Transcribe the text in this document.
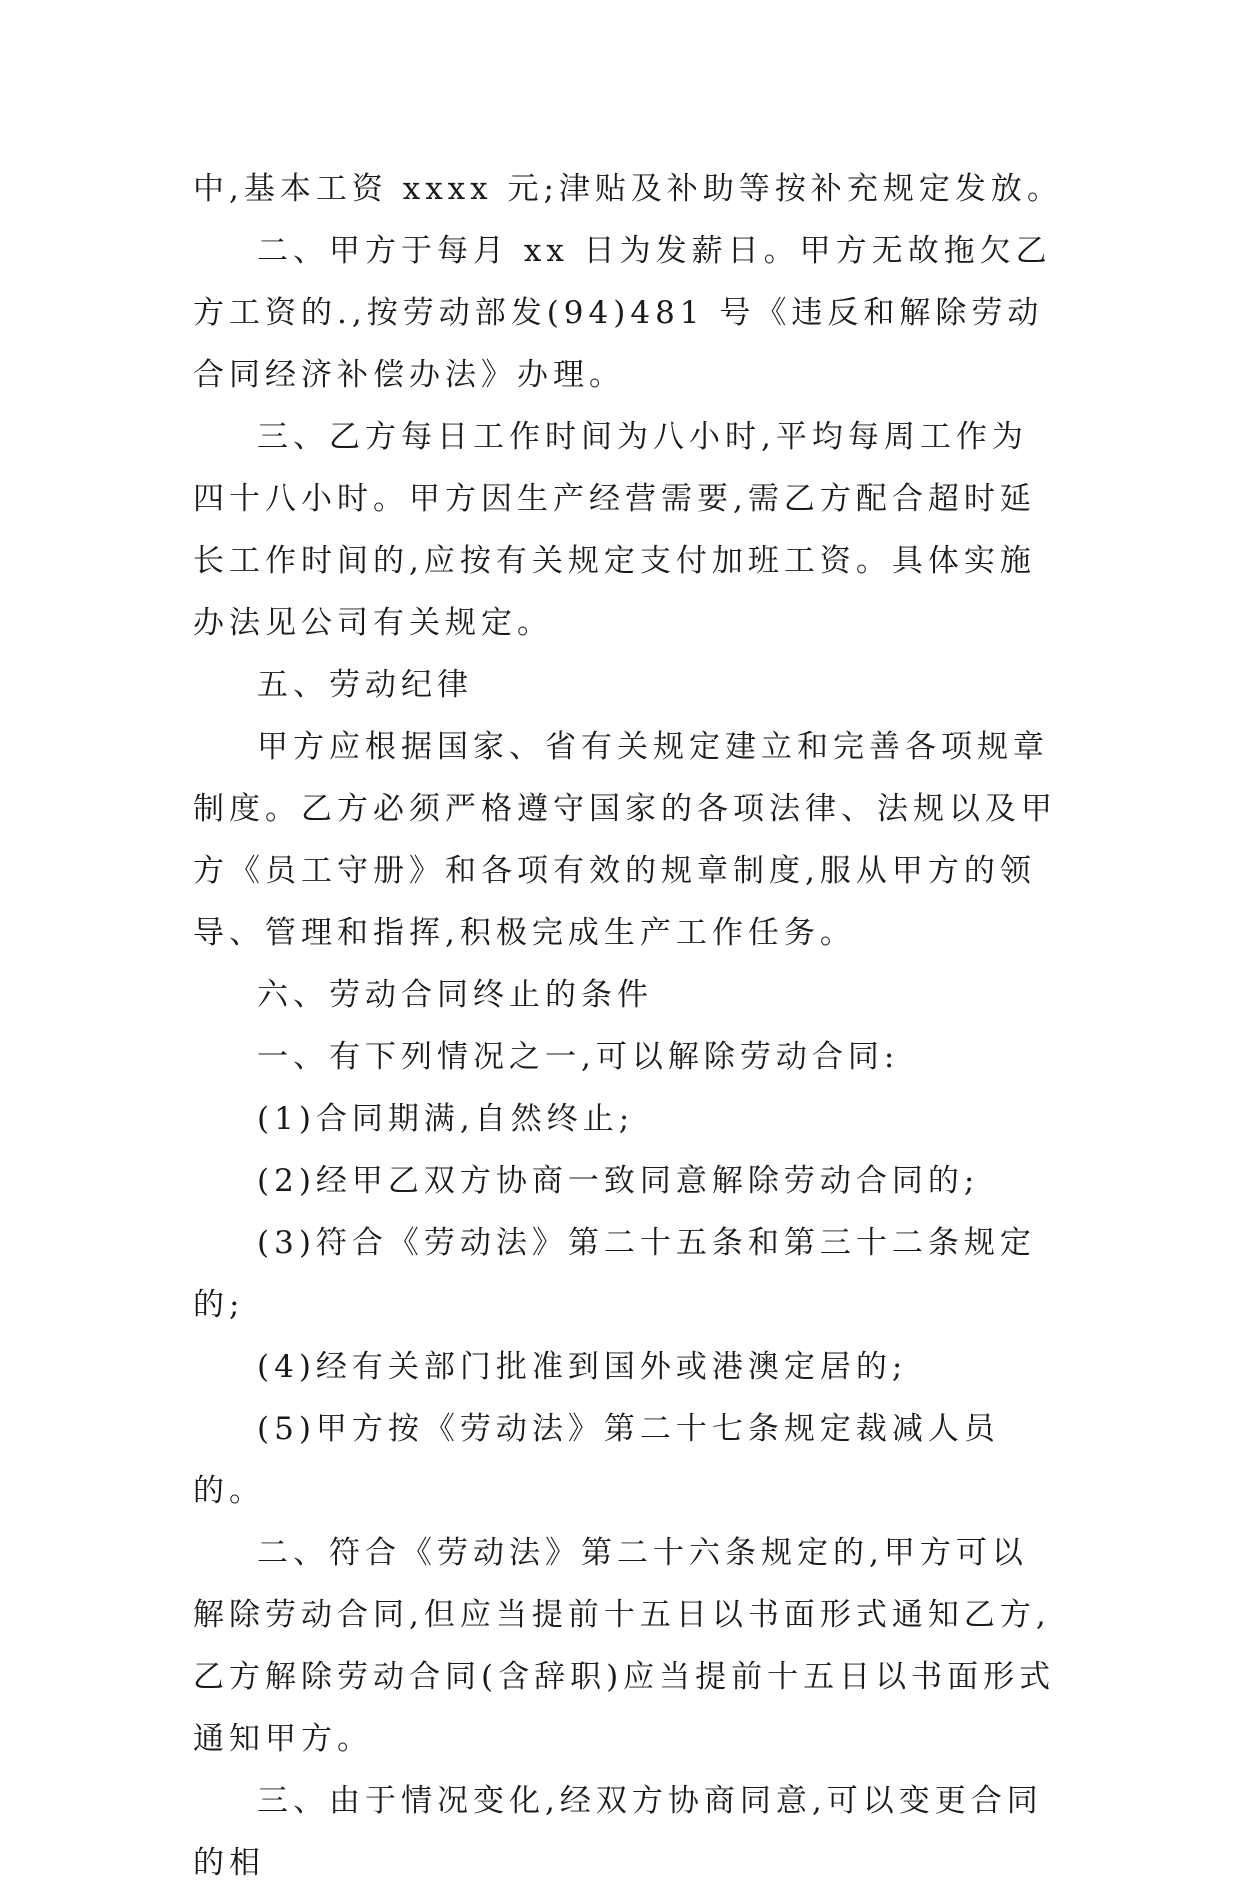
中,基本工资 xxxx 元;津贴及补助等按补充规定发放。

二、甲方于每月 xx 日为发薪日。甲方无故拖欠乙方工资的.,按劳动部发(94)481 号《违反和解除劳动合同经济补偿办法》办理。

三、乙方每日工作时间为八小时,平均每周工作为四十八小时。甲方因生产经营需要,需乙方配合超时延长工作时间的,应按有关规定支付加班工资。具体实施办法见公司有关规定。

五、劳动纪律

甲方应根据国家、省有关规定建立和完善各项规章制度。乙方必须严格遵守国家的各项法律、法规以及甲方《员工守册》和各项有效的规章制度,服从甲方的领导、管理和指挥,积极完成生产工作任务。

六、劳动合同终止的条件

一、有下列情况之一,可以解除劳动合同:

(1)合同期满,自然终止;

(2)经甲乙双方协商一致同意解除劳动合同的;

(3)符合《劳动法》第二十五条和第三十二条规定的;

(4)经有关部门批准到国外或港澳定居的;

(5)甲方按《劳动法》第二十七条规定裁减人员的。

二、符合《劳动法》第二十六条规定的,甲方可以解除劳动合同,但应当提前十五日以书面形式通知乙方,乙方解除劳动合同(含辞职)应当提前十五日以书面形式通知甲方。

三、由于情况变化,经双方协商同意,可以变更合同的相
